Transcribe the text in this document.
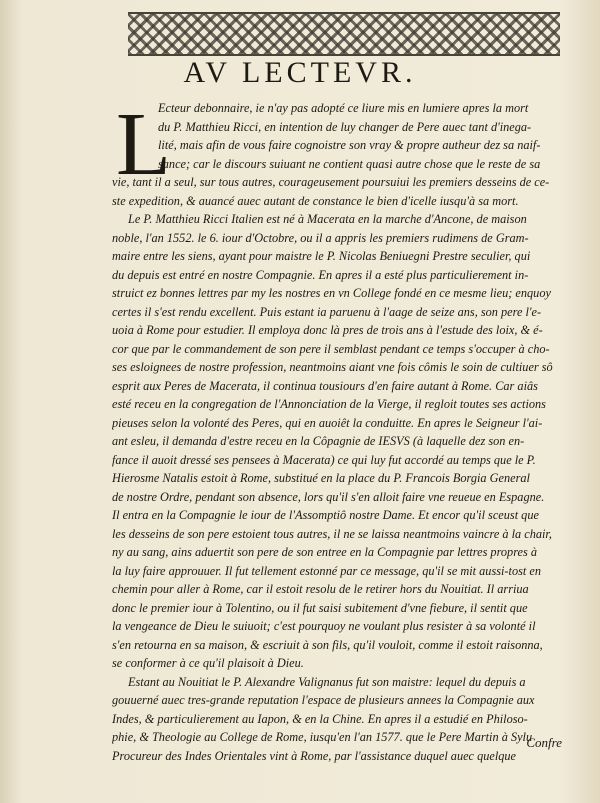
AV LECTEVR.
L
Ecteur debonnaire, ie n'ay pas adopté ce liure mis en lumiere apres la mort
du P. Matthieu Ricci, en intention de luy changer de Pere auec tant d'inega-
lité, mais afin de vous faire cognoistre son vray & propre autheur dez sa naif-
sance; car le discours suiuant ne contient quasi autre chose que le reste de sa
vie, tant il a seul, sur tous autres, courageusement poursuiui les premiers desseins de ce-
ste expedition, & auancé auec autant de constance le bien d'icelle iusqu'à sa mort.
Le P. Matthieu Ricci Italien est né à Macerata en la marche d'Ancone, de maison
noble, l'an 1552. le 6. iour d'Octobre, ou il a appris les premiers rudimens de Gram-
maire entre les siens, ayant pour maistre le P. Nicolas Beniuegni Prestre seculier, qui
du depuis est entré en nostre Compagnie. En apres il a esté plus particulierement in-
struict ez bonnes lettres par my les nostres en vn College fondé en ce mesme lieu; enquoy
certes il s'est rendu excellent. Puis estant ia paruenu à l'aage de seize ans, son pere l'e-
uoia à Rome pour estudier. Il employa donc là pres de trois ans à l'estude des loix, & é-
cor que par le commandement de son pere il semblast pendant ce temps s'occuper à cho-
ses esloignees de nostre profession, neantmoins aiant vne fois cômis le soin de cultiuer sô
esprit aux Peres de Macerata, il continua tousiours d'en faire autant à Rome. Car aiâs
esté receu en la congregation de l'Annonciation de la Vierge, il regloit toutes ses actions
pieuses selon la volonté des Peres, qui en auoiêt la conduitte. En apres le Seigneur l'ai-
ant esleu, il demanda d'estre receu en la Côpagnie de IESVS (à laquelle dez son en-
fance il auoit dressé ses pensees à Macerata) ce qui luy fut accordé au temps que le P.
Hierosme Natalis estoit à Rome, substitué en la place du P. Francois Borgia General
de nostre Ordre, pendant son absence, lors qu'il s'en alloit faire vne reueue en Espagne.
Il entra en la Compagnie le iour de l'Assomptiô nostre Dame. Et encor qu'il sceust que
les desseins de son pere estoient tous autres, il ne se laissa neantmoins vaincre à la chair,
ny au sang, ains aduertit son pere de son entree en la Compagnie par lettres propres à
la luy faire approuuer. Il fut tellement estonné par ce message, qu'il se mit aussi-tost en
chemin pour aller à Rome, car il estoit resolu de le retirer hors du Nouitiat. Il arriua
donc le premier iour à Tolentino, ou il fut saisi subitement d'vne fiebure, il sentit que
la vengeance de Dieu le suiuoit; c'est pourquoy ne voulant plus resister à sa volonté il
s'en retourna en sa maison, & escriuit à son fils, qu'il vouloit, comme il estoit raisonna,
se conformer à ce qu'il plaisoit à Dieu.
Estant au Nouitiat le P. Alexandre Valignanus fut son maistre: lequel du depuis a
gouuerné auec tres-grande reputation l'espace de plusieurs annees la Compagnie aux
Indes, & particulierement au Iapon, & en la Chine. En apres il a estudié en Philoso-
phie, & Theologie au College de Rome, iusqu'en l'an 1577. que le Pere Martin à Sylu
Procureur des Indes Orientales vint à Rome, par l'assistance duquel auec quelque
Confre
